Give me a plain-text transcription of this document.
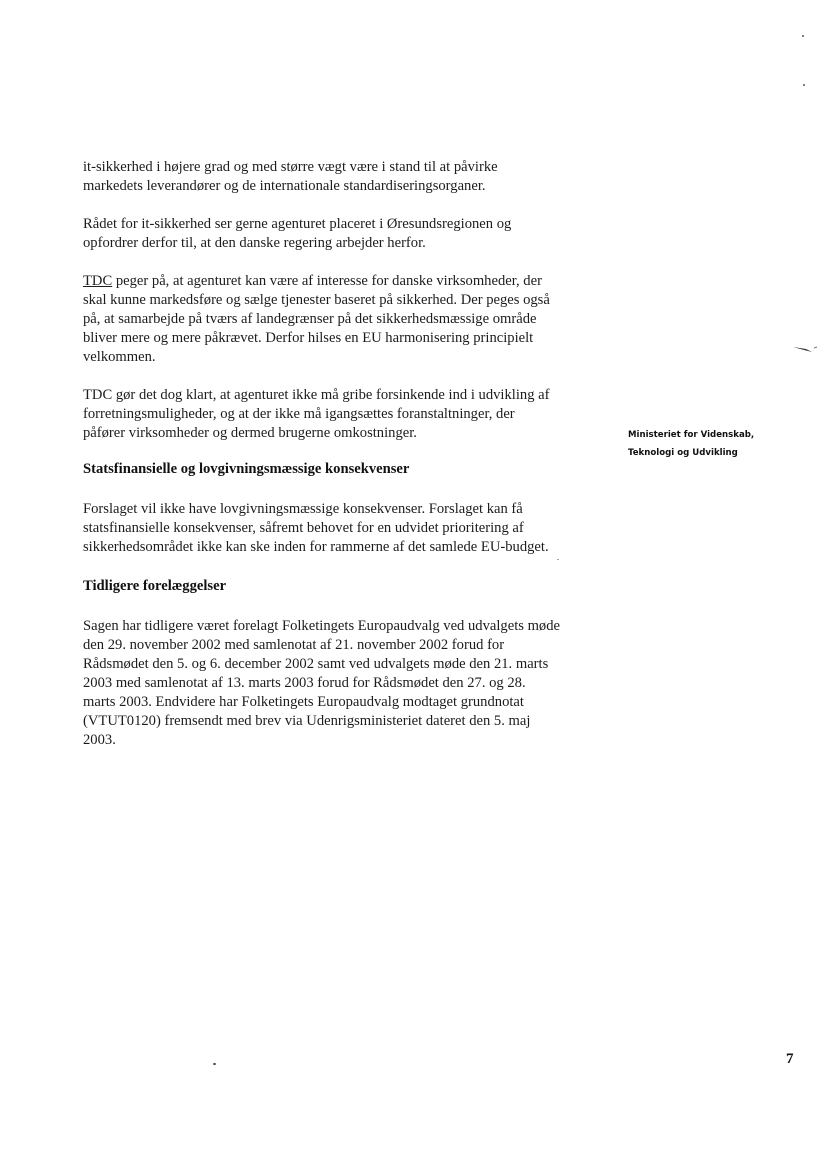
it-sikkerhed i højere grad og med større vægt være i stand til at påvirke
markedets leverandører og de internationale standardiseringsorganer.

Rådet for it-sikkerhed ser gerne agenturet placeret i Øresundsregionen og
opfordrer derfor til, at den danske regering arbejder herfor.

TDC peger på, at agenturet kan være af interesse for danske virksomheder, der
skal kunne markedsføre og sælge tjenester baseret på sikkerhed. Der peges også
på, at samarbejde på tværs af landegrænser på det sikkerhedsmæssige område
bliver mere og mere påkrævet. Derfor hilses en EU harmonisering principielt
velkommen.

TDC gør det dog klart, at agenturet ikke må gribe forsinkende ind i udvikling af
forretningsmuligheder, og at der ikke må igangsættes foranstaltninger, der
påfører virksomheder og dermed brugerne omkostninger.

Statsfinansielle og lovgivningsmæssige konsekvenser

Forslaget vil ikke have lovgivningsmæssige konsekvenser. Forslaget kan få
statsfinansielle konsekvenser, såfremt behovet for en udvidet prioritering af
sikkerhedsområdet ikke kan ske inden for rammerne af det samlede EU-budget.

Tidligere forelæggelser

Sagen har tidligere været forelagt Folketingets Europaudvalg ved udvalgets møde
den 29. november 2002 med samlenotat af 21. november 2002 forud for
Rådsmødet den 5. og 6. december 2002 samt ved udvalgets møde den 21. marts
2003 med samlenotat af 13. marts 2003 forud for Rådsmødet den 27. og 28.
marts 2003. Endvidere har Folketingets Europaudvalg modtaget grundnotat
(VTUT0120) fremsendt med brev via Udenrigsministeriet dateret den 5. maj
2003.

Ministeriet for Videnskab,
Teknologi og Udvikling
7
